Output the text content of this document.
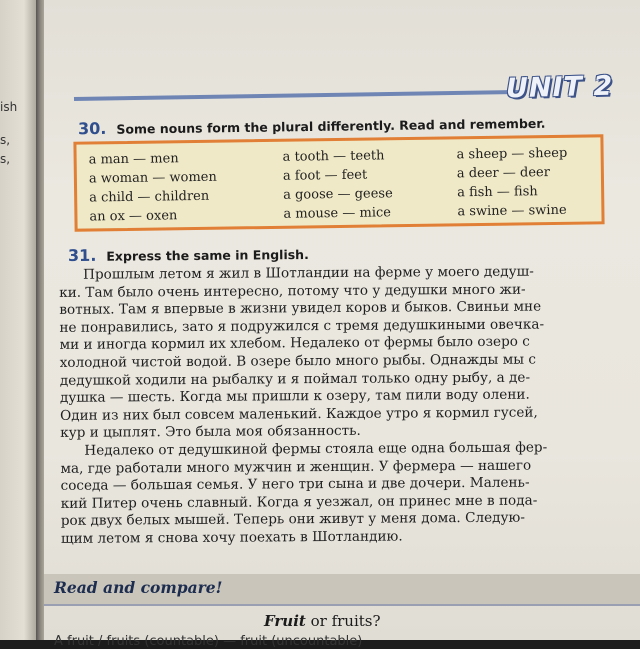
ish
s,
s,
UNIT 2
30. Some nouns form the plural differently. Read and remember.
a man — men
a woman — women
a child — children
an ox — oxen
a tooth — teeth
a foot — feet
a goose — geese
a mouse — mice
a sheep — sheep
a deer — deer
a fish — fish
a swine — swine
31. Express the same in English.
Прошлым летом я жил в Шотландии на ферме у моего дедуш-
ки. Там было очень интересно, потому что у дедушки много жи-
вотных. Там я впервые в жизни увидел коров и быков. Свиньи мне
не понравились, зато я подружился с тремя дедушкиными овечка-
ми и иногда кормил их хлебом. Недалеко от фермы было озеро с
холодной чистой водой. В озере было много рыбы. Однажды мы с
дедушкой ходили на рыбалку и я поймал только одну рыбу, а де-
душка — шесть. Когда мы пришли к озеру, там пили воду олени.
Один из них был совсем маленький. Каждое утро я кормил гусей,
кур и цыплят. Это была моя обязанность.
Недалеко от дедушкиной фермы стояла еще одна большая фер-
ма, где работали много мужчин и женщин. У фермера — нашего
соседа — большая семья. У него три сына и две дочери. Малень-
кий Питер очень славный. Когда я уезжал, он принес мне в пода-
рок двух белых мышей. Теперь они живут у меня дома. Следую-
щим летом я снова хочу поехать в Шотландию.
Read and compare!
Fruit or fruits?
A fruit / fruits (countable) — fruit (uncountable)
